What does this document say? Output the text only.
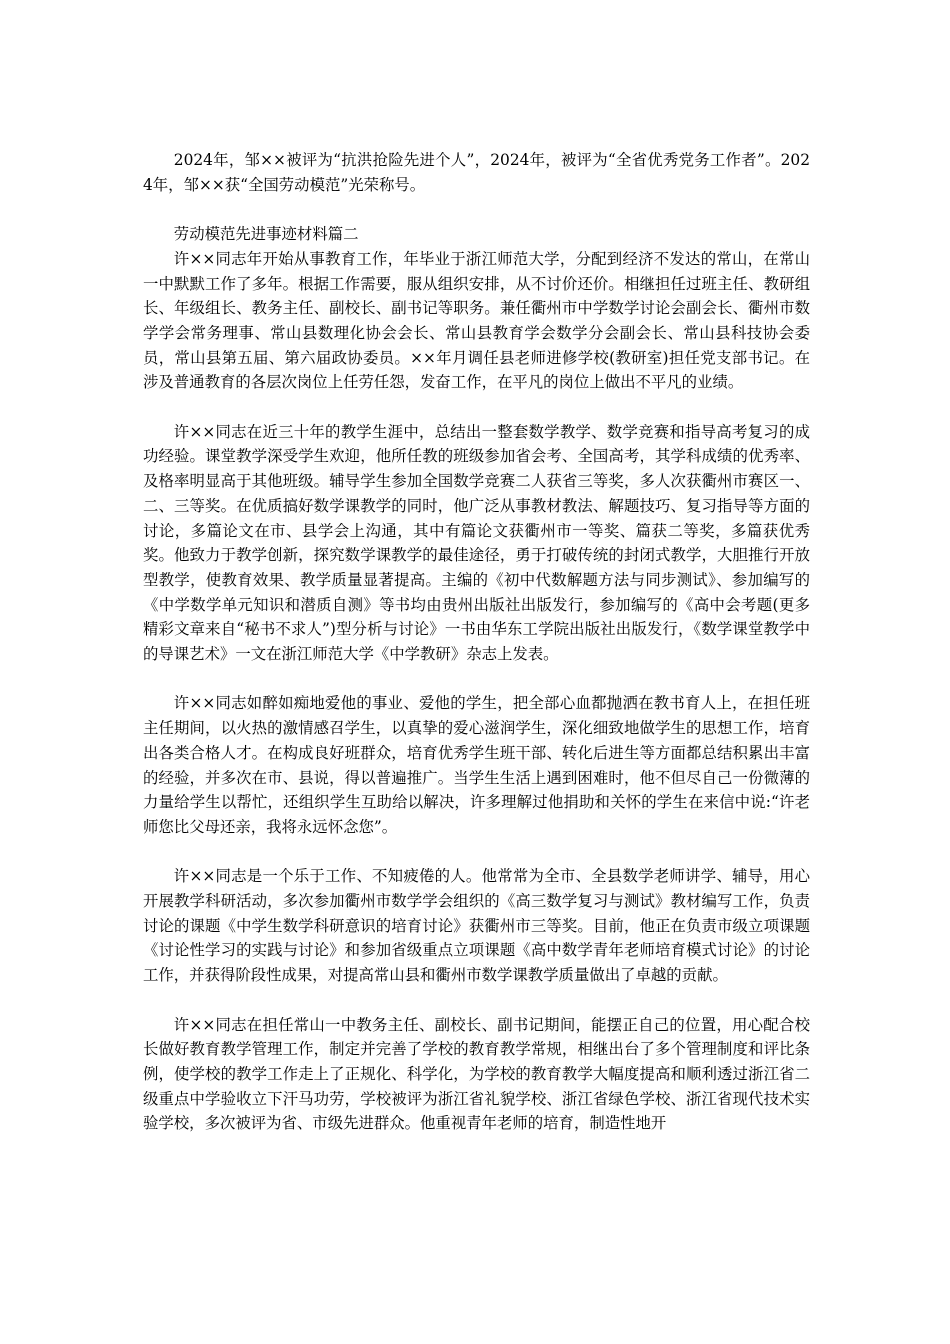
2024年，邹××被评为“抗洪抢险先进个人”，2024年，被评为“全省优秀党务工作者”。2024年，邹××获“全国劳动模范”光荣称号。

劳动模范先进事迹材料篇二

许××同志年开始从事教育工作，年毕业于浙江师范大学，分配到经济不发达的常山，在常山一中默默工作了多年。根据工作需要，服从组织安排，从不讨价还价。相继担任过班主任、教研组长、年级组长、教务主任、副校长、副书记等职务。兼任衢州市中学数学讨论会副会长、衢州市数学学会常务理事、常山县数理化协会会长、常山县教育学会数学分会副会长、常山县科技协会委员，常山县第五届、第六届政协委员。××年月调任县老师进修学校(教研室)担任党支部书记。在涉及普通教育的各层次岗位上任劳任怨，发奋工作，在平凡的岗位上做出不平凡的业绩。

许××同志在近三十年的教学生涯中，总结出一整套数学教学、数学竞赛和指导高考复习的成功经验。课堂教学深受学生欢迎，他所任教的班级参加省会考、全国高考，其学科成绩的优秀率、及格率明显高于其他班级。辅导学生参加全国数学竞赛二人获省三等奖，多人次获衢州市赛区一、二、三等奖。在优质搞好数学课教学的同时，他广泛从事教材教法、解题技巧、复习指导等方面的讨论，多篇论文在市、县学会上沟通，其中有篇论文获衢州市一等奖、篇获二等奖，多篇获优秀奖。他致力于教学创新，探究数学课教学的最佳途径，勇于打破传统的封闭式教学，大胆推行开放型教学，使教育效果、教学质量显著提高。主编的《初中代数解题方法与同步测试》、参加编写的《中学数学单元知识和潜质自测》等书均由贵州出版社出版发行，参加编写的《高中会考题(更多精彩文章来自“秘书不求人”)型分析与讨论》一书由华东工学院出版社出版发行，《数学课堂教学中的导课艺术》一文在浙江师范大学《中学教研》杂志上发表。

许××同志如醉如痴地爱他的事业、爱他的学生，把全部心血都抛洒在教书育人上，在担任班主任期间，以火热的激情感召学生，以真挚的爱心滋润学生，深化细致地做学生的思想工作，培育出各类合格人才。在构成良好班群众，培育优秀学生班干部、转化后进生等方面都总结积累出丰富的经验，并多次在市、县说，得以普遍推广。当学生生活上遇到困难时，他不但尽自己一份微薄的力量给学生以帮忙，还组织学生互助给以解决，许多理解过他捐助和关怀的学生在来信中说:“许老师您比父母还亲，我将永远怀念您”。

许××同志是一个乐于工作、不知疲倦的人。他常常为全市、全县数学老师讲学、辅导，用心开展教学科研活动，多次参加衢州市数学学会组织的《高三数学复习与测试》教材编写工作，负责讨论的课题《中学生数学科研意识的培育讨论》获衢州市三等奖。目前，他正在负责市级立项课题《讨论性学习的实践与讨论》和参加省级重点立项课题《高中数学青年老师培育模式讨论》的讨论工作，并获得阶段性成果，对提高常山县和衢州市数学课教学质量做出了卓越的贡献。

许××同志在担任常山一中教务主任、副校长、副书记期间，能摆正自己的位置，用心配合校长做好教育教学管理工作，制定并完善了学校的教育教学常规，相继出台了多个管理制度和评比条例，使学校的教学工作走上了正规化、科学化，为学校的教育教学大幅度提高和顺利透过浙江省二级重点中学验收立下汗马功劳，学校被评为浙江省礼貌学校、浙江省绿色学校、浙江省现代技术实验学校，多次被评为省、市级先进群众。他重视青年老师的培育，制造性地开
